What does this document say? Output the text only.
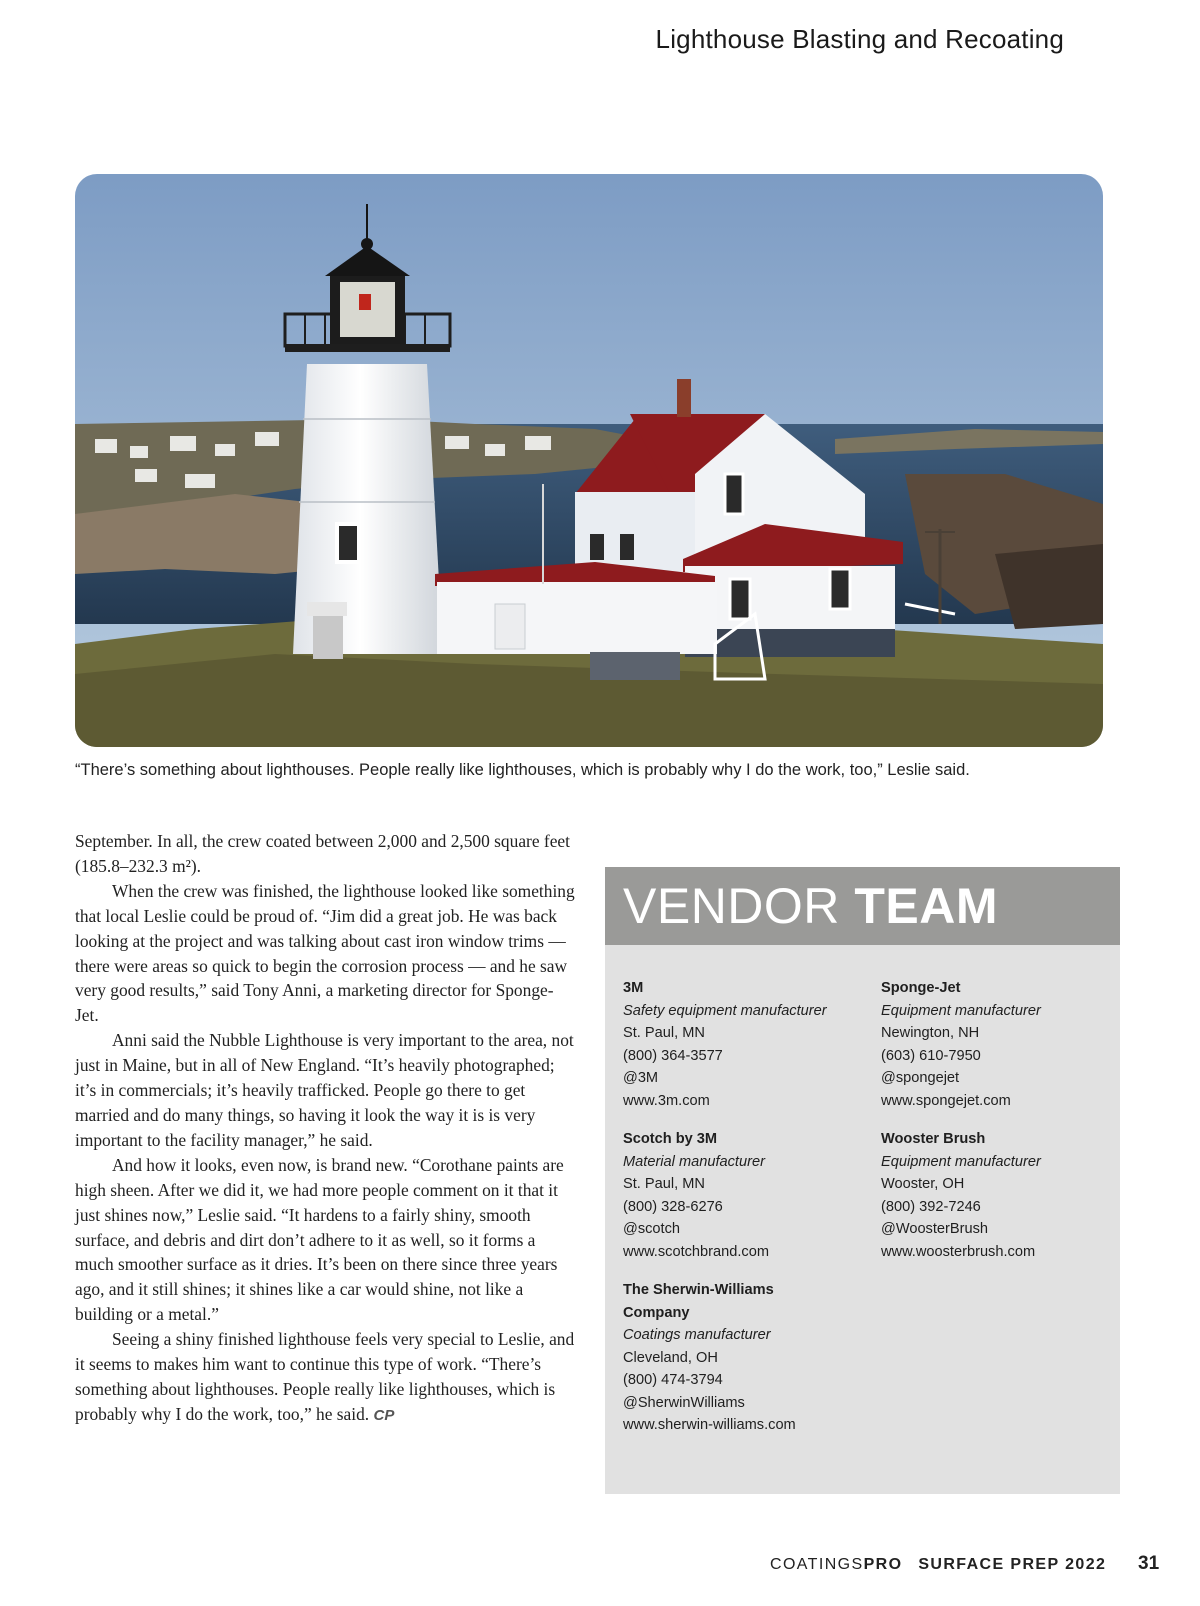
Lighthouse Blasting and Recoating
“There’s something about lighthouses. People really like lighthouses, which is probably why I do the work, too,” Leslie said.

September. In all, the crew coated between 2,000 and 2,500 square feet (185.8–232.3 m²).

When the crew was finished, the lighthouse looked like something that local Leslie could be proud of. “Jim did a great job. He was back looking at the project and was talking about cast iron window trims — there were areas so quick to begin the corrosion process — and he saw very good results,” said Tony Anni, a marketing director for Sponge-Jet.

Anni said the Nubble Lighthouse is very important to the area, not just in Maine, but in all of New England. “It’s heavily photographed; it’s in commercials; it’s heavily trafficked. People go there to get married and do many things, so having it look the way it is is very important to the facility manager,” he said.

And how it looks, even now, is brand new. “Corothane paints are high sheen. After we did it, we had more people comment on it that it just shines now,” Leslie said. “It hardens to a fairly shiny, smooth surface, and debris and dirt don’t adhere to it as well, so it forms a much smoother surface as it dries. It’s been on there since three years ago, and it still shines; it shines like a car would shine, not like a building or a metal.”

Seeing a shiny finished lighthouse feels very special to Leslie, and it seems to makes him want to continue this type of work. “There’s something about lighthouses. People really like lighthouses, which is probably why I do the work, too,” he said. CP

VENDOR TEAM
3M
Safety equipment manufacturer
St. Paul, MN
(800) 364-3577
@3M
www.3m.com
Sponge-Jet
Equipment manufacturer
Newington, NH
(603) 610-7950
@spongejet
www.spongejet.com
Scotch by 3M
Material manufacturer
St. Paul, MN
(800) 328-6276
@scotch
www.scotchbrand.com
Wooster Brush
Equipment manufacturer
Wooster, OH
(800) 392-7246
@WoosterBrush
www.woosterbrush.com
The Sherwin-Williams Company
Coatings manufacturer
Cleveland, OH
(800) 474-3794
@SherwinWilliams
www.sherwin-williams.com
COATINGSPRO SURFACE PREP 2022 31
